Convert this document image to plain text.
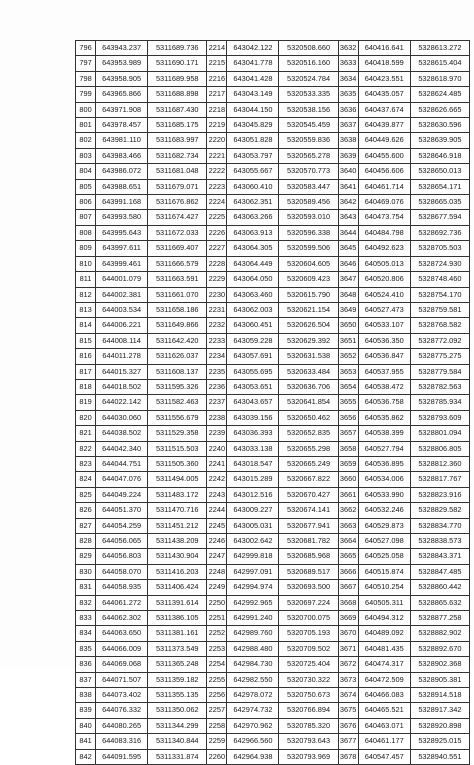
796	643943.237	5311689.736	2214	643042.122	5320508.660	3632	640416.641	5328613.272
797	643953.989	5311690.171	2215	643041.778	5320516.160	3633	640418.599	5328615.404
798	643958.905	5311689.958	2216	643041.428	5320524.784	3634	640423.551	5328618.970
799	643965.866	5311688.898	2217	643043.149	5320533.335	3635	640435.057	5328624.485
800	643971.908	5311687.430	2218	643044.150	5320538.156	3636	640437.674	5328626.665
801	643978.457	5311685.175	2219	643045.829	5320545.459	3637	640439.877	5328630.596
802	643981.110	5311683.997	2220	643051.828	5320559.836	3638	640449.626	5328639.905
803	643983.466	5311682.734	2221	643053.797	5320565.278	3639	640455.600	5328646.918
804	643986.072	5311681.048	2222	643055.667	5320570.773	3640	640456.606	5328650.013
805	643988.651	5311679.071	2223	643060.410	5320583.447	3641	640461.714	5328654.171
806	643991.168	5311676.862	2224	643062.351	5320589.456	3642	640469.076	5328665.035
807	643993.580	5311674.427	2225	643063.266	5320593.010	3643	640473.754	5328677.594
808	643995.643	5311672.033	2226	643063.913	5320596.338	3644	640484.798	5328692.736
809	643997.611	5311669.407	2227	643064.305	5320599.506	3645	640492.623	5328705.503
810	643999.461	5311666.579	2228	643064.449	5320604.605	3646	640505.013	5328724.930
811	644001.079	5311663.591	2229	643064.050	5320609.423	3647	640520.806	5328748.460
812	644002.381	5311661.070	2230	643063.460	5320615.790	3648	640524.410	5328754.170
813	644003.534	5311658.186	2231	643062.003	5320621.154	3649	640527.473	5328759.581
814	644006.221	5311649.866	2232	643060.451	5320626.504	3650	640533.107	5328768.582
815	644008.114	5311642.420	2233	643059.228	5320629.392	3651	640536.350	5328772.092
816	644011.278	5311626.037	2234	643057.691	5320631.538	3652	640536.847	5328775.275
817	644015.327	5311608.137	2235	643055.695	5320633.484	3653	640537.955	5328779.584
818	644018.502	5311595.326	2236	643053.651	5320636.706	3654	640538.472	5328782.563
819	644022.142	5311582.463	2237	643043.657	5320641.854	3655	640536.758	5328785.934
820	644030.060	5311556.679	2238	643039.156	5320650.462	3656	640535.862	5328793.609
821	644038.502	5311529.358	2239	643036.393	5320652.835	3657	640538.399	5328801.094
822	644042.340	5311515.503	2240	643033.138	5320655.298	3658	640527.794	5328806.805
823	644044.751	5311505.360	2241	643018.547	5320665.249	3659	640536.895	5328812.360
824	644047.076	5311494.005	2242	643015.289	5320667.822	3660	640534.006	5328817.767
825	644049.224	5311483.172	2243	643012.516	5320670.427	3661	640533.990	5328823.916
826	644051.370	5311470.716	2244	643009.227	5320674.141	3662	640532.246	5328829.582
827	644054.259	5311451.212	2245	643005.031	5320677.941	3663	640529.873	5328834.770
828	644056.065	5311438.209	2246	643002.642	5320681.782	3664	640527.098	5328838.573
829	644056.803	5311430.904	2247	642999.818	5320685.968	3665	640525.058	5328843.371
830	644058.070	5311416.203	2248	642997.091	5320689.517	3666	640515.874	5328847.485
831	644058.935	5311406.424	2249	642994.974	5320693.500	3667	640510.254	5328860.442
832	644061.272	5311391.614	2250	642992.965	5320697.224	3668	640505.311	5328865.632
833	644062.302	5311386.105	2251	642991.240	5320700.075	3669	640494.312	5328877.258
834	644063.650	5311381.161	2252	642989.760	5320705.193	3670	640489.092	5328882.902
835	644066.009	5311373.549	2253	642988.480	5320709.502	3671	640481.435	5328892.670
836	644069.068	5311365.248	2254	642984.730	5320725.404	3672	640474.317	5328902.368
837	644071.507	5311359.182	2255	642982.550	5320730.322	3673	640472.509	5328905.381
838	644073.402	5311355.135	2256	642978.072	5320750.673	3674	640466.083	5328914.518
839	644076.332	5311350.062	2257	642974.732	5320766.894	3675	640465.521	5328917.342
840	644080.265	5311344.299	2258	642970.962	5320785.320	3676	640463.071	5328920.898
841	644083.316	5311340.844	2259	642966.560	5320793.643	3677	640461.177	5328925.015
842	644091.595	5311331.874	2260	642964.938	5320793.969	3678	640547.457	5328940.551
